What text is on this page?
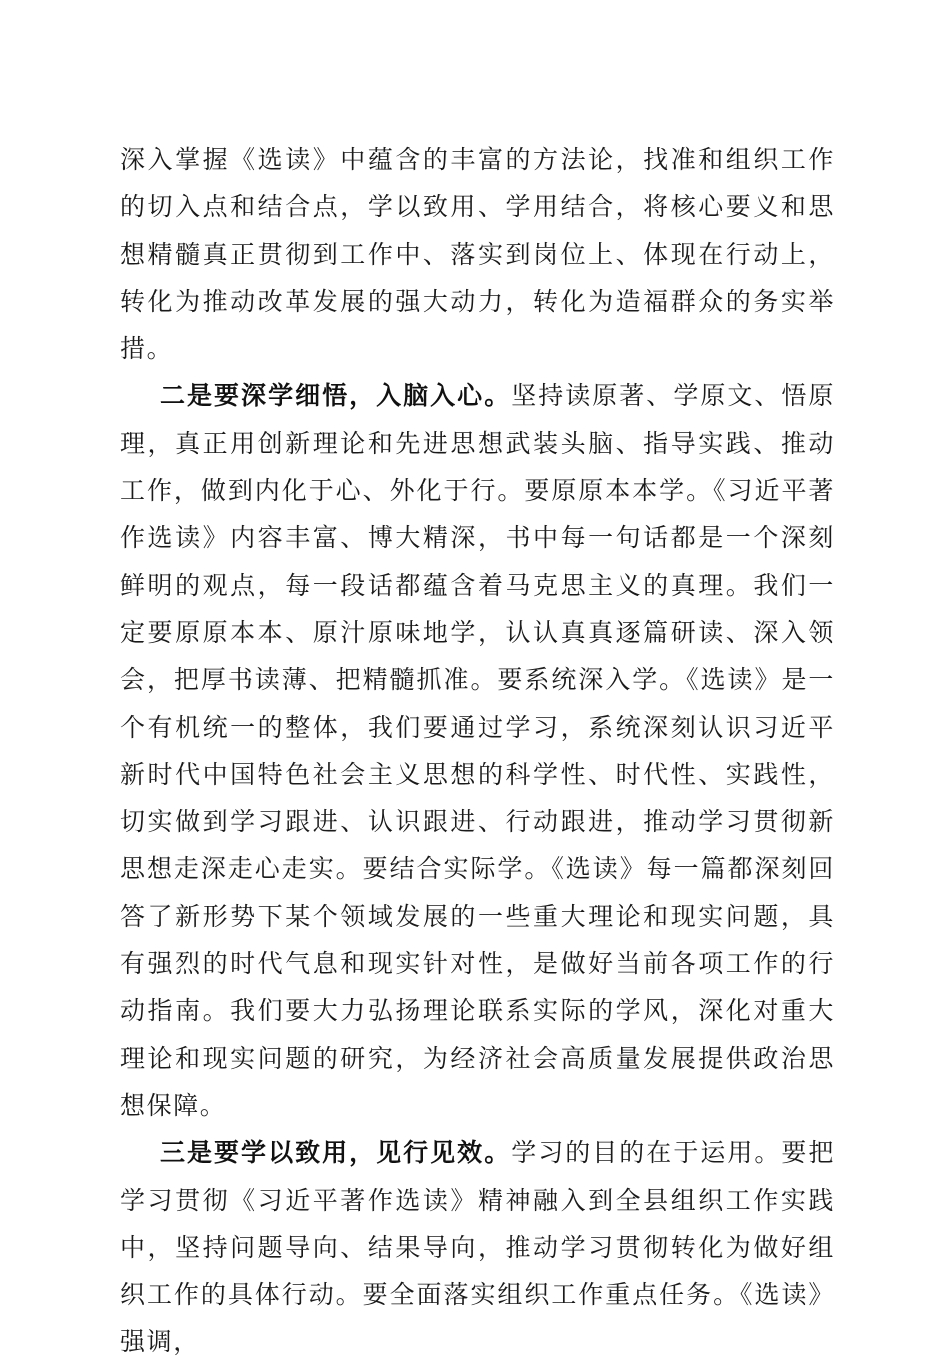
深入掌握《选读》中蕴含的丰富的方法论，找准和组织工作的切入点和结合点，学以致用、学用结合，将核心要义和思想精髓真正贯彻到工作中、落实到岗位上、体现在行动上，转化为推动改革发展的强大动力，转化为造福群众的务实举措。

二是要深学细悟，入脑入心。坚持读原著、学原文、悟原理，真正用创新理论和先进思想武装头脑、指导实践、推动工作，做到内化于心、外化于行。要原原本本学。《习近平著作选读》内容丰富、博大精深，书中每一句话都是一个深刻鲜明的观点，每一段话都蕴含着马克思主义的真理。我们一定要原原本本、原汁原味地学，认认真真逐篇研读、深入领会，把厚书读薄、把精髓抓准。要系统深入学。《选读》是一个有机统一的整体，我们要通过学习，系统深刻认识习近平新时代中国特色社会主义思想的科学性、时代性、实践性，切实做到学习跟进、认识跟进、行动跟进，推动学习贯彻新思想走深走心走实。要结合实际学。《选读》每一篇都深刻回答了新形势下某个领域发展的一些重大理论和现实问题，具有强烈的时代气息和现实针对性，是做好当前各项工作的行动指南。我们要大力弘扬理论联系实际的学风，深化对重大理论和现实问题的研究，为经济社会高质量发展提供政治思想保障。

三是要学以致用，见行见效。学习的目的在于运用。要把学习贯彻《习近平著作选读》精神融入到全县组织工作实践中，坚持问题导向、结果导向，推动学习贯彻转化为做好组织工作的具体行动。要全面落实组织工作重点任务。《选读》强调，
